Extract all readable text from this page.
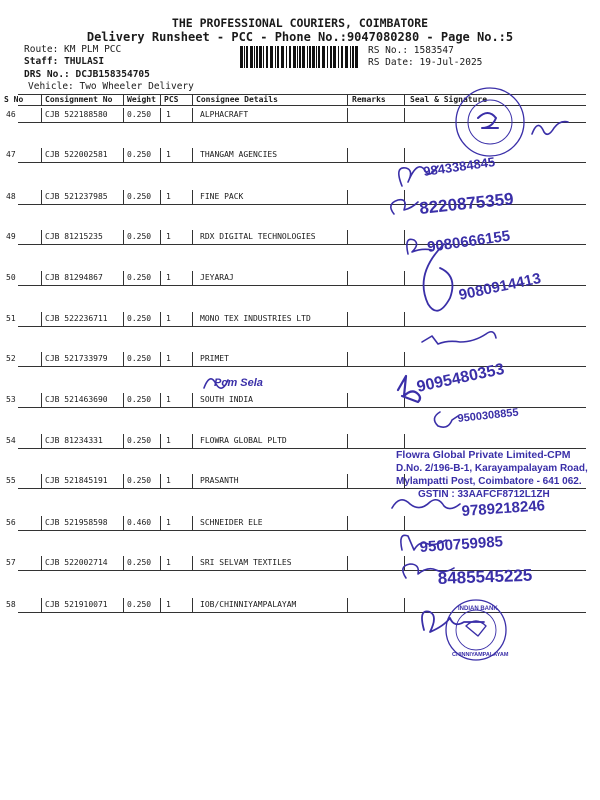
THE PROFESSIONAL COURIERS, COIMBATORE
Delivery Runsheet - PCC - Phone No.:9047080280 - Page No.:5
Route: KM PLM PCC
Staff: THULASI
DRS No.: DCJB158354705
Vehicle: Two Wheeler Delivery
RS No.: 1583547
RS Date: 19-Jul-2025
S No	Consignment No Weight PCS Consignee Details	Remarks	Seal & Signature
46	CJB 522188580 0.250 1	ALPHACRAFT
47	CJB 522002581 0.250 1	THANGAM AGENCIES
48	CJB 521237985 0.250 1	FINE PACK
49	CJB 81215235	0.250 1	RDX DIGITAL TECHNOLOGIES
50	CJB 81294867	0.250 1	JEYARAJ
51	CJB 522236711 0.250 1	MONO TEX INDUSTRIES LTD
52	CJB 521733979 0.250 1	PRIMET
53	CJB 521463690 0.250 1	SOUTH INDIA
54	CJB 81234331	0.250 1	FLOWRA GLOBAL PLTD
55	CJB 521845191 0.250 1	PRASANTH
56	CJB 521958598 0.460 1	SCHNEIDER ELE
57	CJB 522002714 0.250 1	SRI SELVAM TEXTILES
58	CJB 521910071 0.250 1	IOB/CHINNIYAMPALAYAM
9843384845
8220875359
9080666155
9080914413
9095480353
9500308855
9789218246
9500759985
8485545225
Pcm Sela
Flowra Global Private Limited-CPM
D.No. 2/196-B-1, Karayampalayam Road,
Mylampatti Post, Coimbatore - 641 062.
GSTIN : 33AAFCF8712L1ZH
INDIAN BANK
CHINNIYAMPALAYAM
